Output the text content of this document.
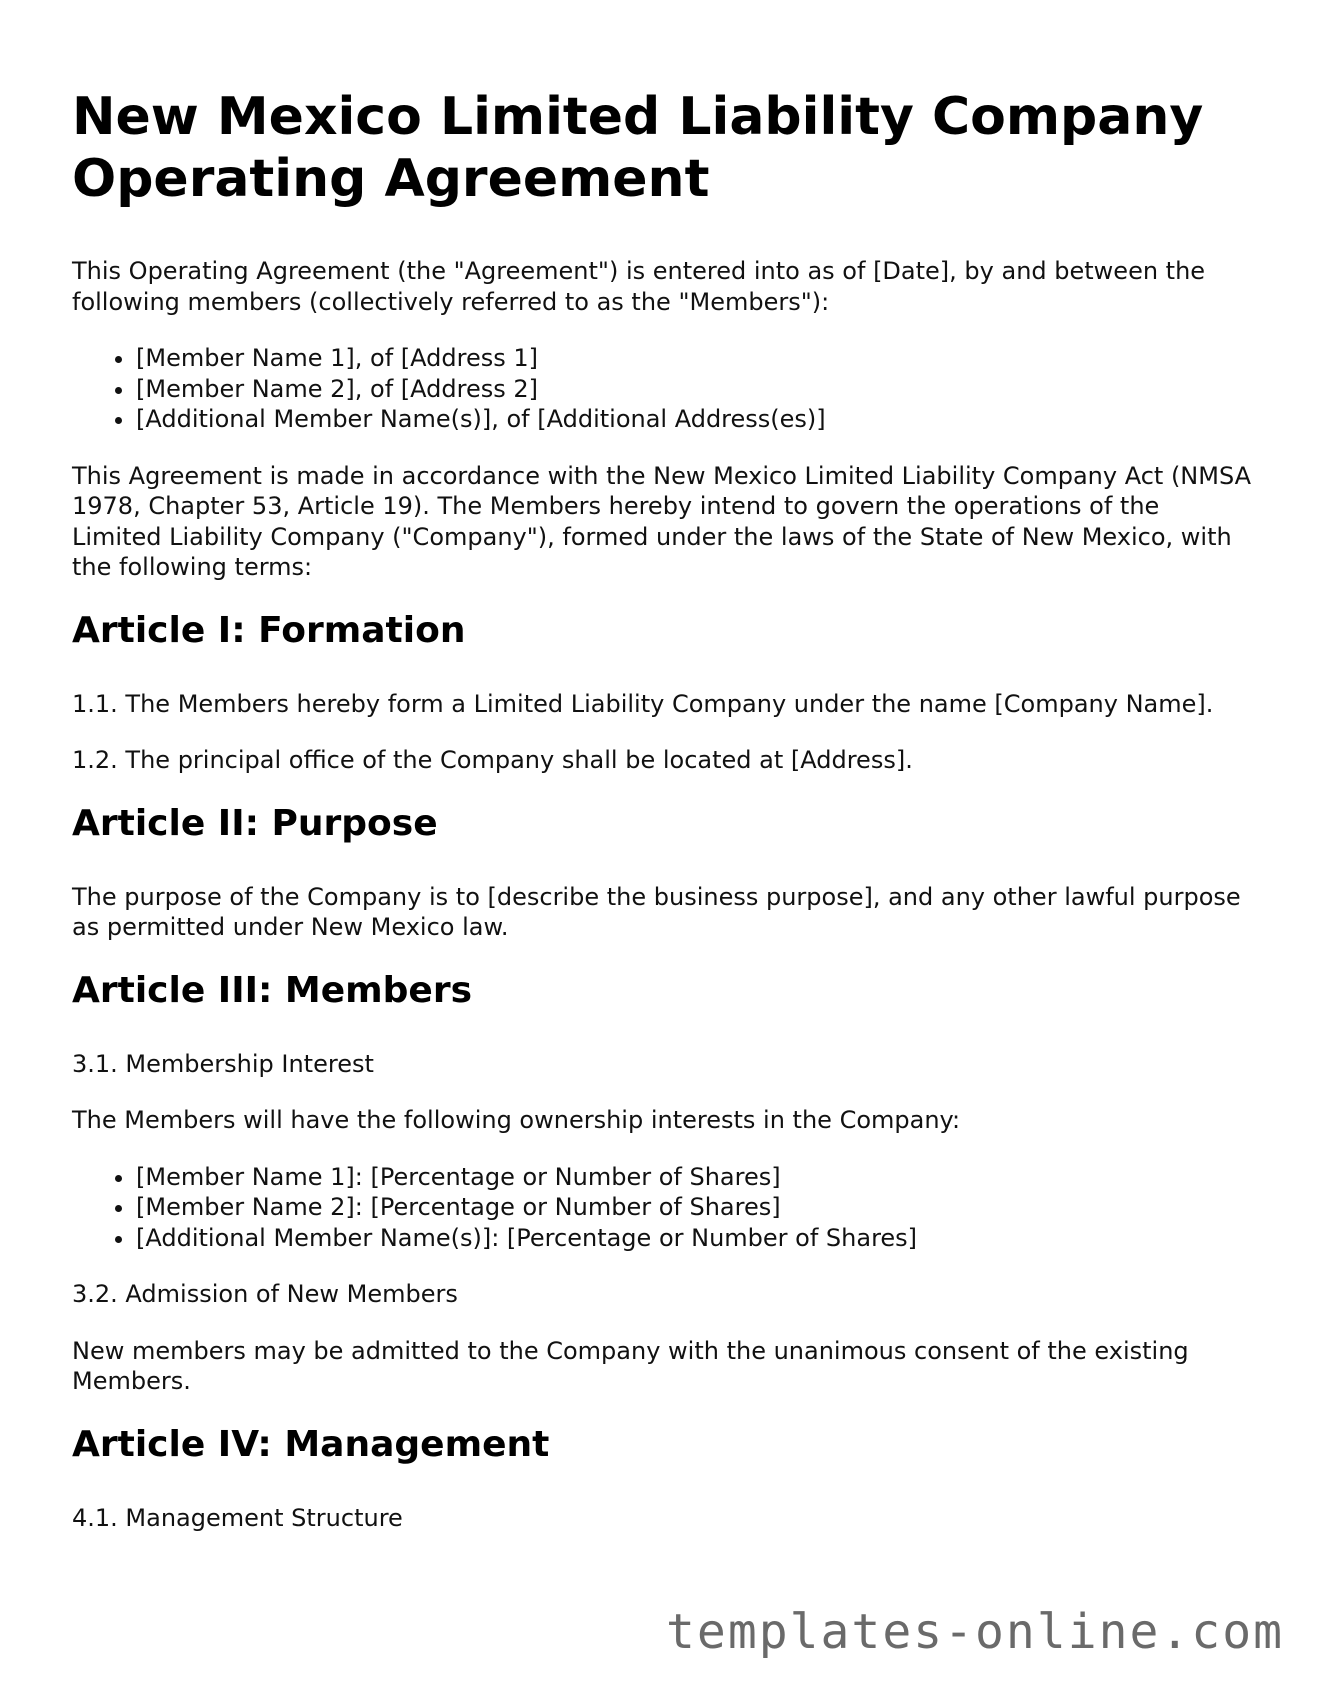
New Mexico Limited Liability Company Operating Agreement

This Operating Agreement (the "Agreement") is entered into as of [Date], by and between the following members (collectively referred to as the "Members"):

• [Member Name 1], of [Address 1]
• [Member Name 2], of [Address 2]
• [Additional Member Name(s)], of [Additional Address(es)]

This Agreement is made in accordance with the New Mexico Limited Liability Company Act (NMSA 1978, Chapter 53, Article 19). The Members hereby intend to govern the operations of the Limited Liability Company ("Company"), formed under the laws of the State of New Mexico, with the following terms:

Article I: Formation

1.1. The Members hereby form a Limited Liability Company under the name [Company Name].

1.2. The principal office of the Company shall be located at [Address].

Article II: Purpose

The purpose of the Company is to [describe the business purpose], and any other lawful purpose as permitted under New Mexico law.

Article III: Members

3.1. Membership Interest

The Members will have the following ownership interests in the Company:

• [Member Name 1]: [Percentage or Number of Shares]
• [Member Name 2]: [Percentage or Number of Shares]
• [Additional Member Name(s)]: [Percentage or Number of Shares]

3.2. Admission of New Members

New members may be admitted to the Company with the unanimous consent of the existing Members.

Article IV: Management

4.1. Management Structure

templates-online.com
